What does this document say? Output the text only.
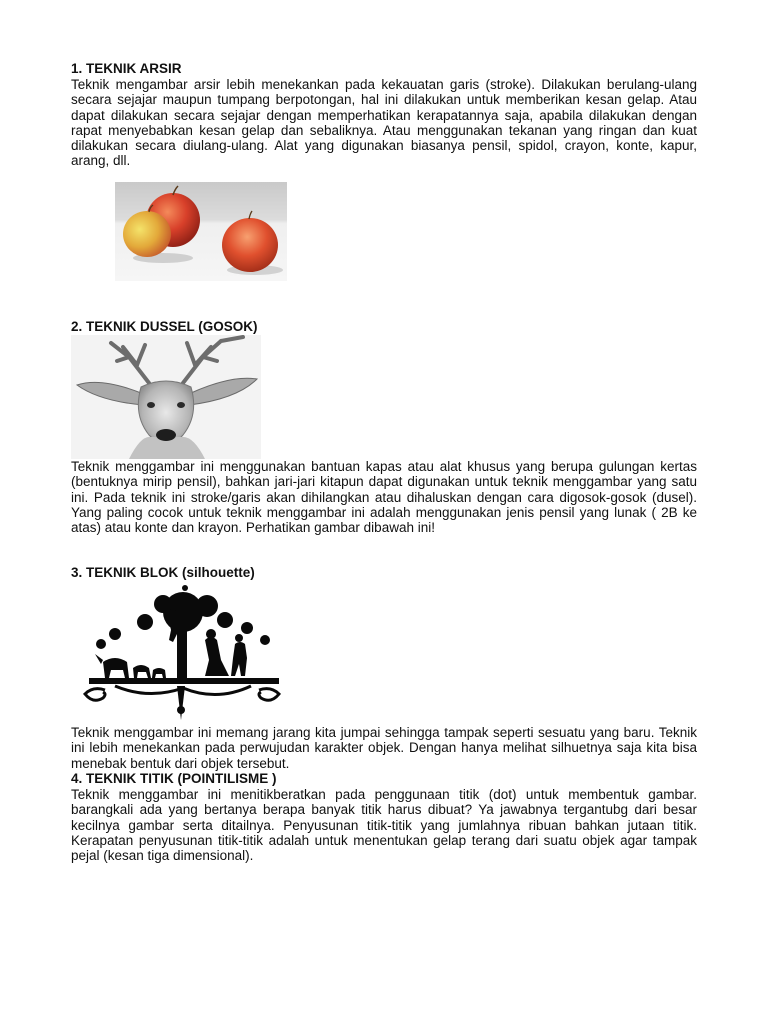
1. TEKNIK ARSIR

Teknik mengambar arsir lebih menekankan pada kekauatan garis (stroke). Dilakukan berulang-ulang secara sejajar maupun tumpang berpotongan, hal ini dilakukan untuk memberikan kesan gelap. Atau dapat dilakukan secara sejajar dengan memperhatikan kerapatannya saja, apabila dilakukan dengan rapat menyebabkan kesan gelap dan sebaliknya. Atau menggunakan tekanan yang ringan dan kuat dilakukan secara diulang-ulang. Alat yang digunakan biasanya pensil, spidol, crayon, konte, kapur, arang, dll.

2. TEKNIK DUSSEL (GOSOK)

Teknik menggambar ini menggunakan bantuan kapas atau alat khusus yang berupa gulungan kertas (bentuknya mirip pensil), bahkan jari-jari kitapun dapat digunakan untuk teknik menggambar yang satu ini. Pada teknik ini stroke/garis akan dihilangkan atau dihaluskan dengan cara digosok-gosok (dusel). Yang paling cocok untuk teknik menggambar ini adalah menggunakan jenis pensil yang lunak ( 2B ke atas) atau konte dan krayon. Perhatikan gambar dibawah ini!

3. TEKNIK BLOK (silhouette)

Teknik menggambar ini memang jarang kita jumpai sehingga tampak seperti sesuatu yang baru. Teknik ini lebih menekankan pada perwujudan karakter objek. Dengan hanya melihat silhuetnya saja kita bisa menebak bentuk dari objek tersebut.

4. TEKNIK TITIK (POINTILISME )

Teknik menggambar ini menitikberatkan pada penggunaan titik (dot) untuk membentuk gambar. barangkali ada yang bertanya berapa banyak titik harus dibuat? Ya jawabnya tergantubg dari besar kecilnya gambar serta ditailnya. Penyusunan titik-titik yang jumlahnya ribuan bahkan jutaan titik. Kerapatan penyusunan titik-titik adalah untuk menentukan gelap terang dari suatu objek agar tampak pejal (kesan tiga dimensional).
